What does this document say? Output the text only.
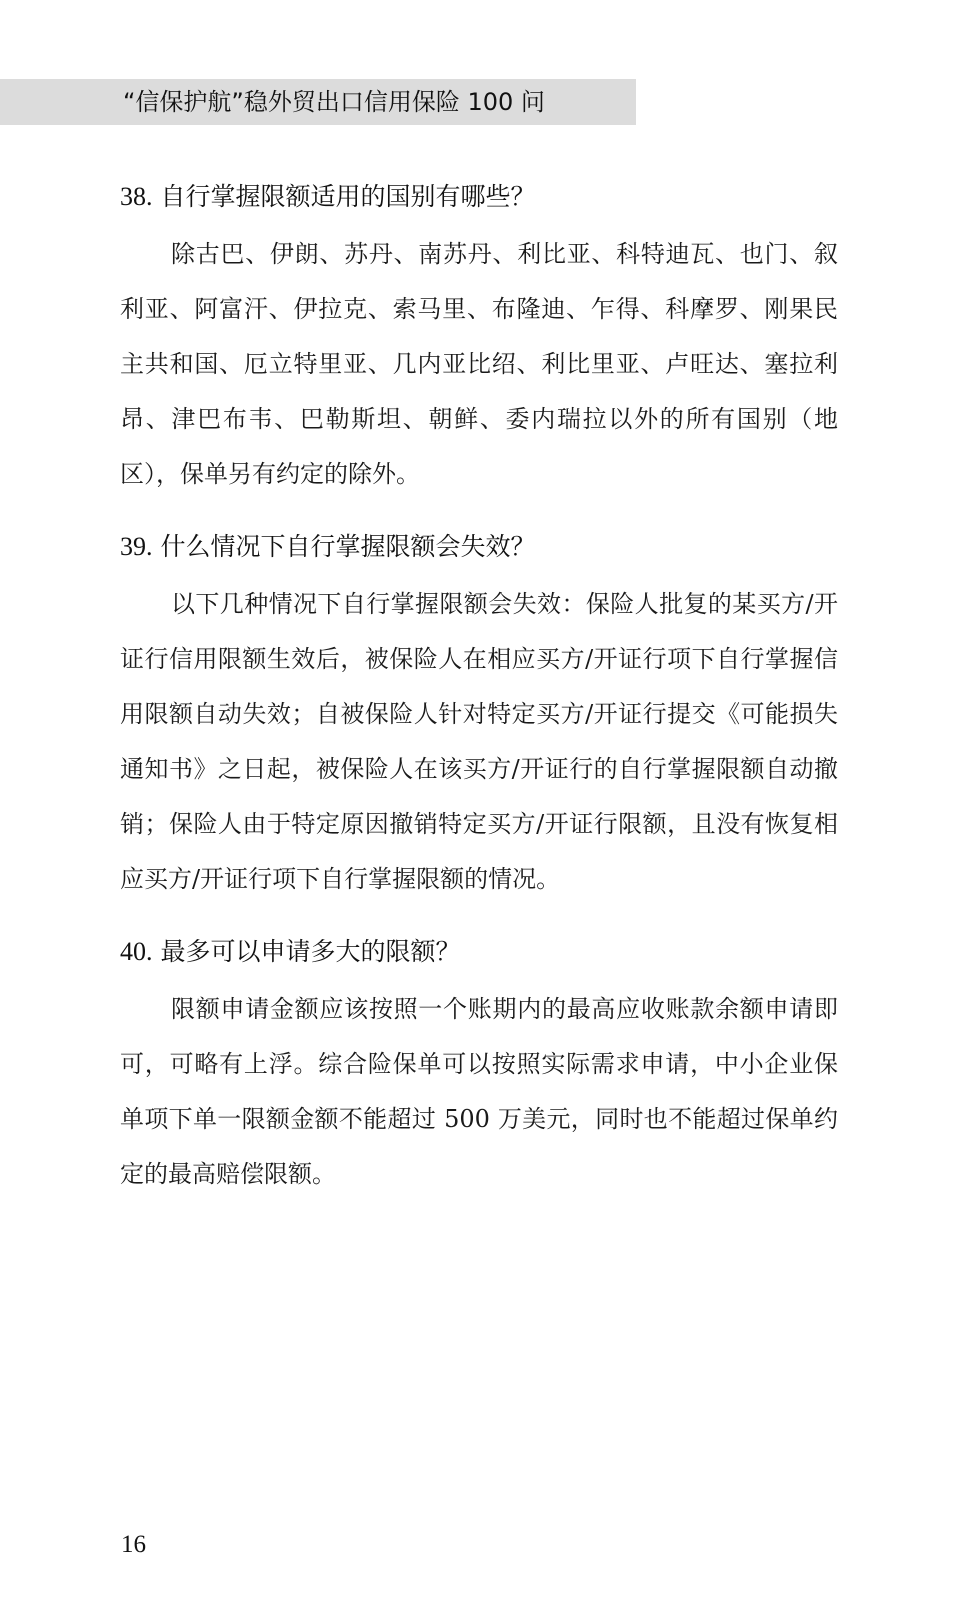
“信保护航”稳外贸出口信用保险 100 问

38. 自行掌握限额适用的国别有哪些？

除古巴、伊朗、苏丹、南苏丹、利比亚、科特迪瓦、也门、叙利亚、阿富汗、伊拉克、索马里、布隆迪、乍得、科摩罗、刚果民主共和国、厄立特里亚、几内亚比绍、利比里亚、卢旺达、塞拉利昂、津巴布韦、巴勒斯坦、朝鲜、委内瑞拉以外的所有国别（地区），保单另有约定的除外。

39. 什么情况下自行掌握限额会失效？

以下几种情况下自行掌握限额会失效：保险人批复的某买方/开证行信用限额生效后，被保险人在相应买方/开证行项下自行掌握信用限额自动失效；自被保险人针对特定买方/开证行提交《可能损失通知书》之日起，被保险人在该买方/开证行的自行掌握限额自动撤销；保险人由于特定原因撤销特定买方/开证行限额，且没有恢复相应买方/开证行项下自行掌握限额的情况。

40. 最多可以申请多大的限额？

限额申请金额应该按照一个账期内的最高应收账款余额申请即可，可略有上浮。综合险保单可以按照实际需求申请，中小企业保单项下单一限额金额不能超过 500 万美元，同时也不能超过保单约定的最高赔偿限额。

16
